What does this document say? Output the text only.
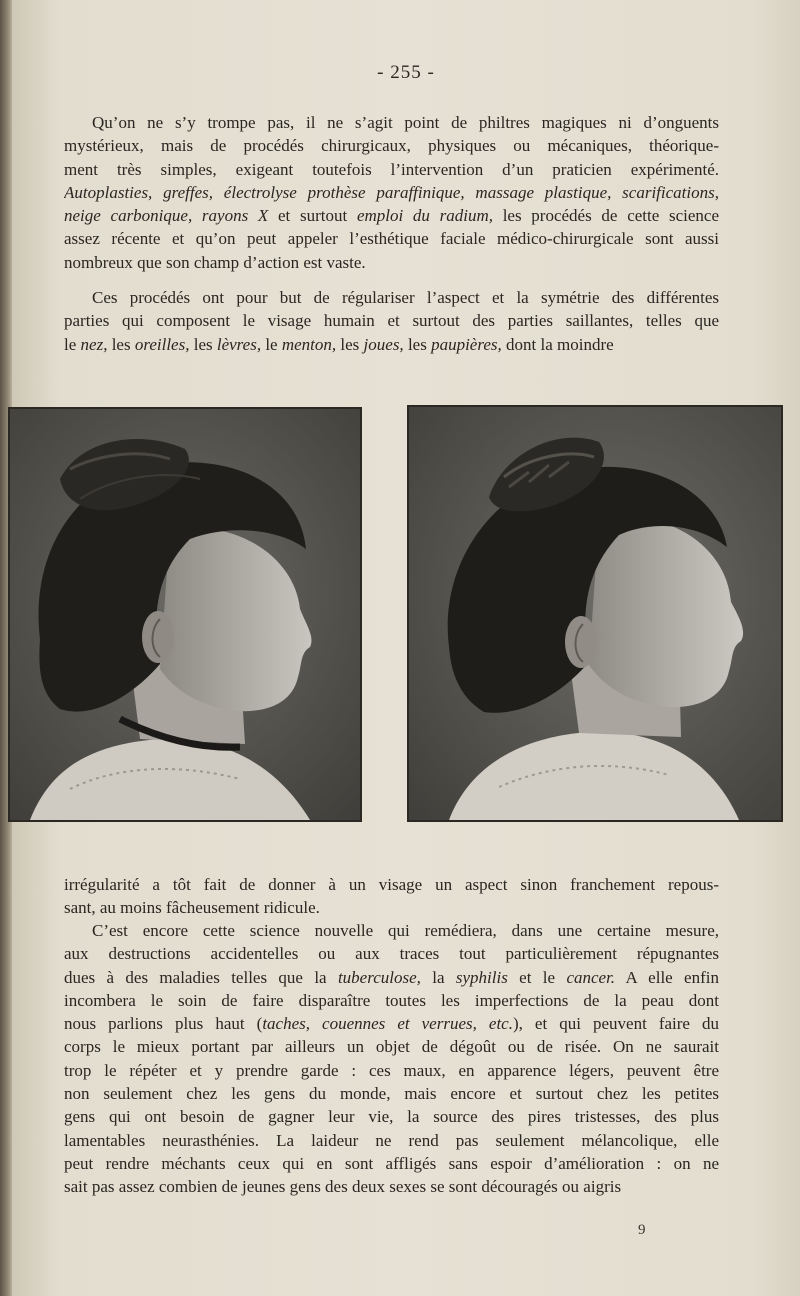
- 255 -
Qu’on ne s’y trompe pas, il ne s’agit point de philtres magiques ni d’onguents
mystérieux, mais de procédés chirurgicaux, physiques ou mécaniques, théorique-
ment très simples, exigeant toutefois l’intervention d’un praticien expérimenté.
Autoplasties, greffes, électrolyse prothèse paraffinique, massage plastique, scarifications,
neige carbonique, rayons X et surtout emploi du radium, les procédés de cette science
assez récente et qu’on peut appeler l’esthétique faciale médico-chirurgicale sont aussi
nombreux que son champ d’action est vaste.
Ces procédés ont pour but de régulariser l’aspect et la symétrie des différentes
parties qui composent le visage humain et surtout des parties saillantes, telles que
le nez, les oreilles, les lèvres, le menton, les joues, les paupières, dont la moindre
irrégularité a tôt fait de donner à un visage un aspect sinon franchement repous-
sant, au moins fâcheusement ridicule.
C’est encore cette science nouvelle qui remédiera, dans une certaine mesure,
aux destructions accidentelles ou aux traces tout particulièrement répugnantes
dues à des maladies telles que la tuberculose, la syphilis et le cancer. A elle enfin
incombera le soin de faire disparaître toutes les imperfections de la peau dont
nous parlions plus haut (taches, couennes et verrues, etc.), et qui peuvent faire du
corps le mieux portant par ailleurs un objet de dégoût ou de risée. On ne saurait
trop le répéter et y prendre garde : ces maux, en apparence légers, peuvent être
non seulement chez les gens du monde, mais encore et surtout chez les petites
gens qui ont besoin de gagner leur vie, la source des pires tristesses, des plus
lamentables neurasthénies. La laideur ne rend pas seulement mélancolique, elle
peut rendre méchants ceux qui en sont affligés sans espoir d’amélioration : on ne
sait pas assez combien de jeunes gens des deux sexes se sont découragés ou aigris
9
